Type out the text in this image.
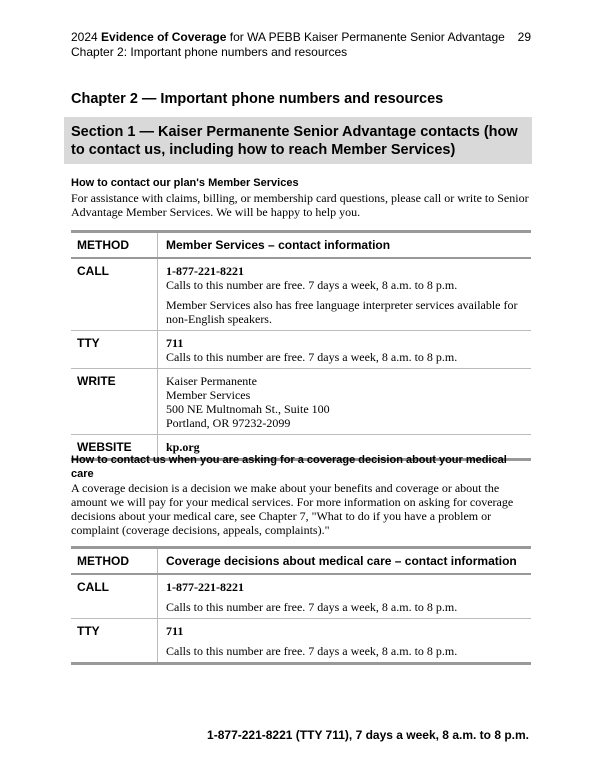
2024 Evidence of Coverage for WA PEBB Kaiser Permanente Senior Advantage
Chapter 2: Important phone numbers and resources
29
Chapter 2 — Important phone numbers and resources
Section 1 — Kaiser Permanente Senior Advantage contacts (how to contact us, including how to reach Member Services)
How to contact our plan's Member Services
For assistance with claims, billing, or membership card questions, please call or write to Senior Advantage Member Services. We will be happy to help you.
METHOD	Member Services – contact information
CALL	1-877-221-8221
Calls to this number are free. 7 days a week, 8 a.m. to 8 p.m.
Member Services also has free language interpreter services available for non-English speakers.

TTY	711
Calls to this number are free. 7 days a week, 8 a.m. to 8 p.m.

WRITE	Kaiser Permanente
Member Services
500 NE Multnomah St., Suite 100
Portland, OR 97232-2099

WEBSITE	kp.org
How to contact us when you are asking for a coverage decision about your medical care
A coverage decision is a decision we make about your benefits and coverage or about the amount we will pay for your medical services. For more information on asking for coverage decisions about your medical care, see Chapter 7, "What to do if you have a problem or complaint (coverage decisions, appeals, complaints)."
METHOD	Coverage decisions about medical care – contact information
CALL	1-877-221-8221
Calls to this number are free. 7 days a week, 8 a.m. to 8 p.m.

TTY	711
Calls to this number are free. 7 days a week, 8 a.m. to 8 p.m.
1-877-221-8221 (TTY 711), 7 days a week, 8 a.m. to 8 p.m.
